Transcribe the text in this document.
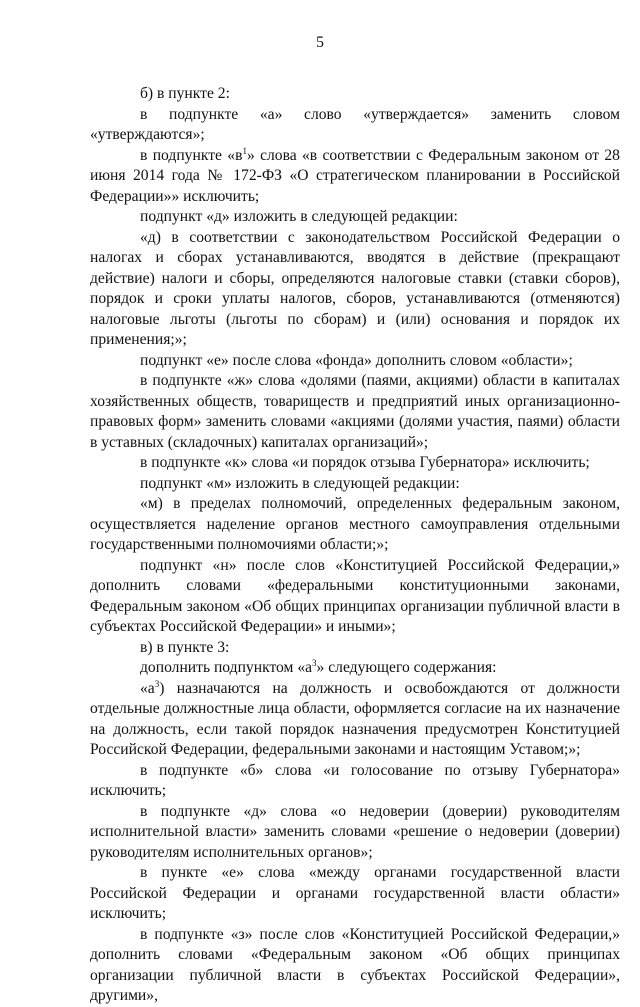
5

б) в пункте 2:

в подпункте «а» слово «утверждается» заменить словом «утверждаются»;

в подпункте «$в^1$» слова «в соответствии с Федеральным законом от 28 июня 2014 года № 172-ФЗ «О стратегическом планировании в Российской Федерации»» исключить;

подпункт «д» изложить в следующей редакции:

«д) в соответствии с законодательством Российской Федерации о налогах и сборах устанавливаются, вводятся в действие (прекращают действие) налоги и сборы, определяются налоговые ставки (ставки сборов), порядок и сроки уплаты налогов, сборов, устанавливаются (отменяются) налоговые льготы (льготы по сборам) и (или) основания и порядок их применения;»;

подпункт «е» после слова «фонда» дополнить словом «области»;

в подпункте «ж» слова «долями (паями, акциями) области в капиталах хозяйственных обществ, товариществ и предприятий иных организационно-правовых форм» заменить словами «акциями (долями участия, паями) области в уставных (складочных) капиталах организаций»;

в подпункте «к» слова «и порядок отзыва Губернатора» исключить;

подпункт «м» изложить в следующей редакции:

«м) в пределах полномочий, определенных федеральным законом, осуществляется наделение органов местного самоуправления отдельными государственными полномочиями области;»;

подпункт «н» после слов «Конституцией Российской Федерации,» дополнить словами «федеральными конституционными законами, Федеральным законом «Об общих принципах организации публичной власти в субъектах Российской Федерации» и иными»;

в) в пункте 3:

дополнить подпунктом «$а^3$» следующего содержания:

«$а^3$) назначаются на должность и освобождаются от должности отдельные должностные лица области, оформляется согласие на их назначение на должность, если такой порядок назначения предусмотрен Конституцией Российской Федерации, федеральными законами и настоящим Уставом;»;

в подпункте «б» слова «и голосование по отзыву Губернатора» исключить;

в подпункте «д» слова «о недоверии (доверии) руководителям исполнительной власти» заменить словами «решение о недоверии (доверии) руководителям исполнительных органов»;

в пункте «е» слова «между органами государственной власти Российской Федерации и органами государственной власти области» исключить;

в подпункте «з» после слов «Конституцией Российской Федерации,» дополнить словами «Федеральным законом «Об общих принципах организации публичной власти в субъектах Российской Федерации», другими»,
